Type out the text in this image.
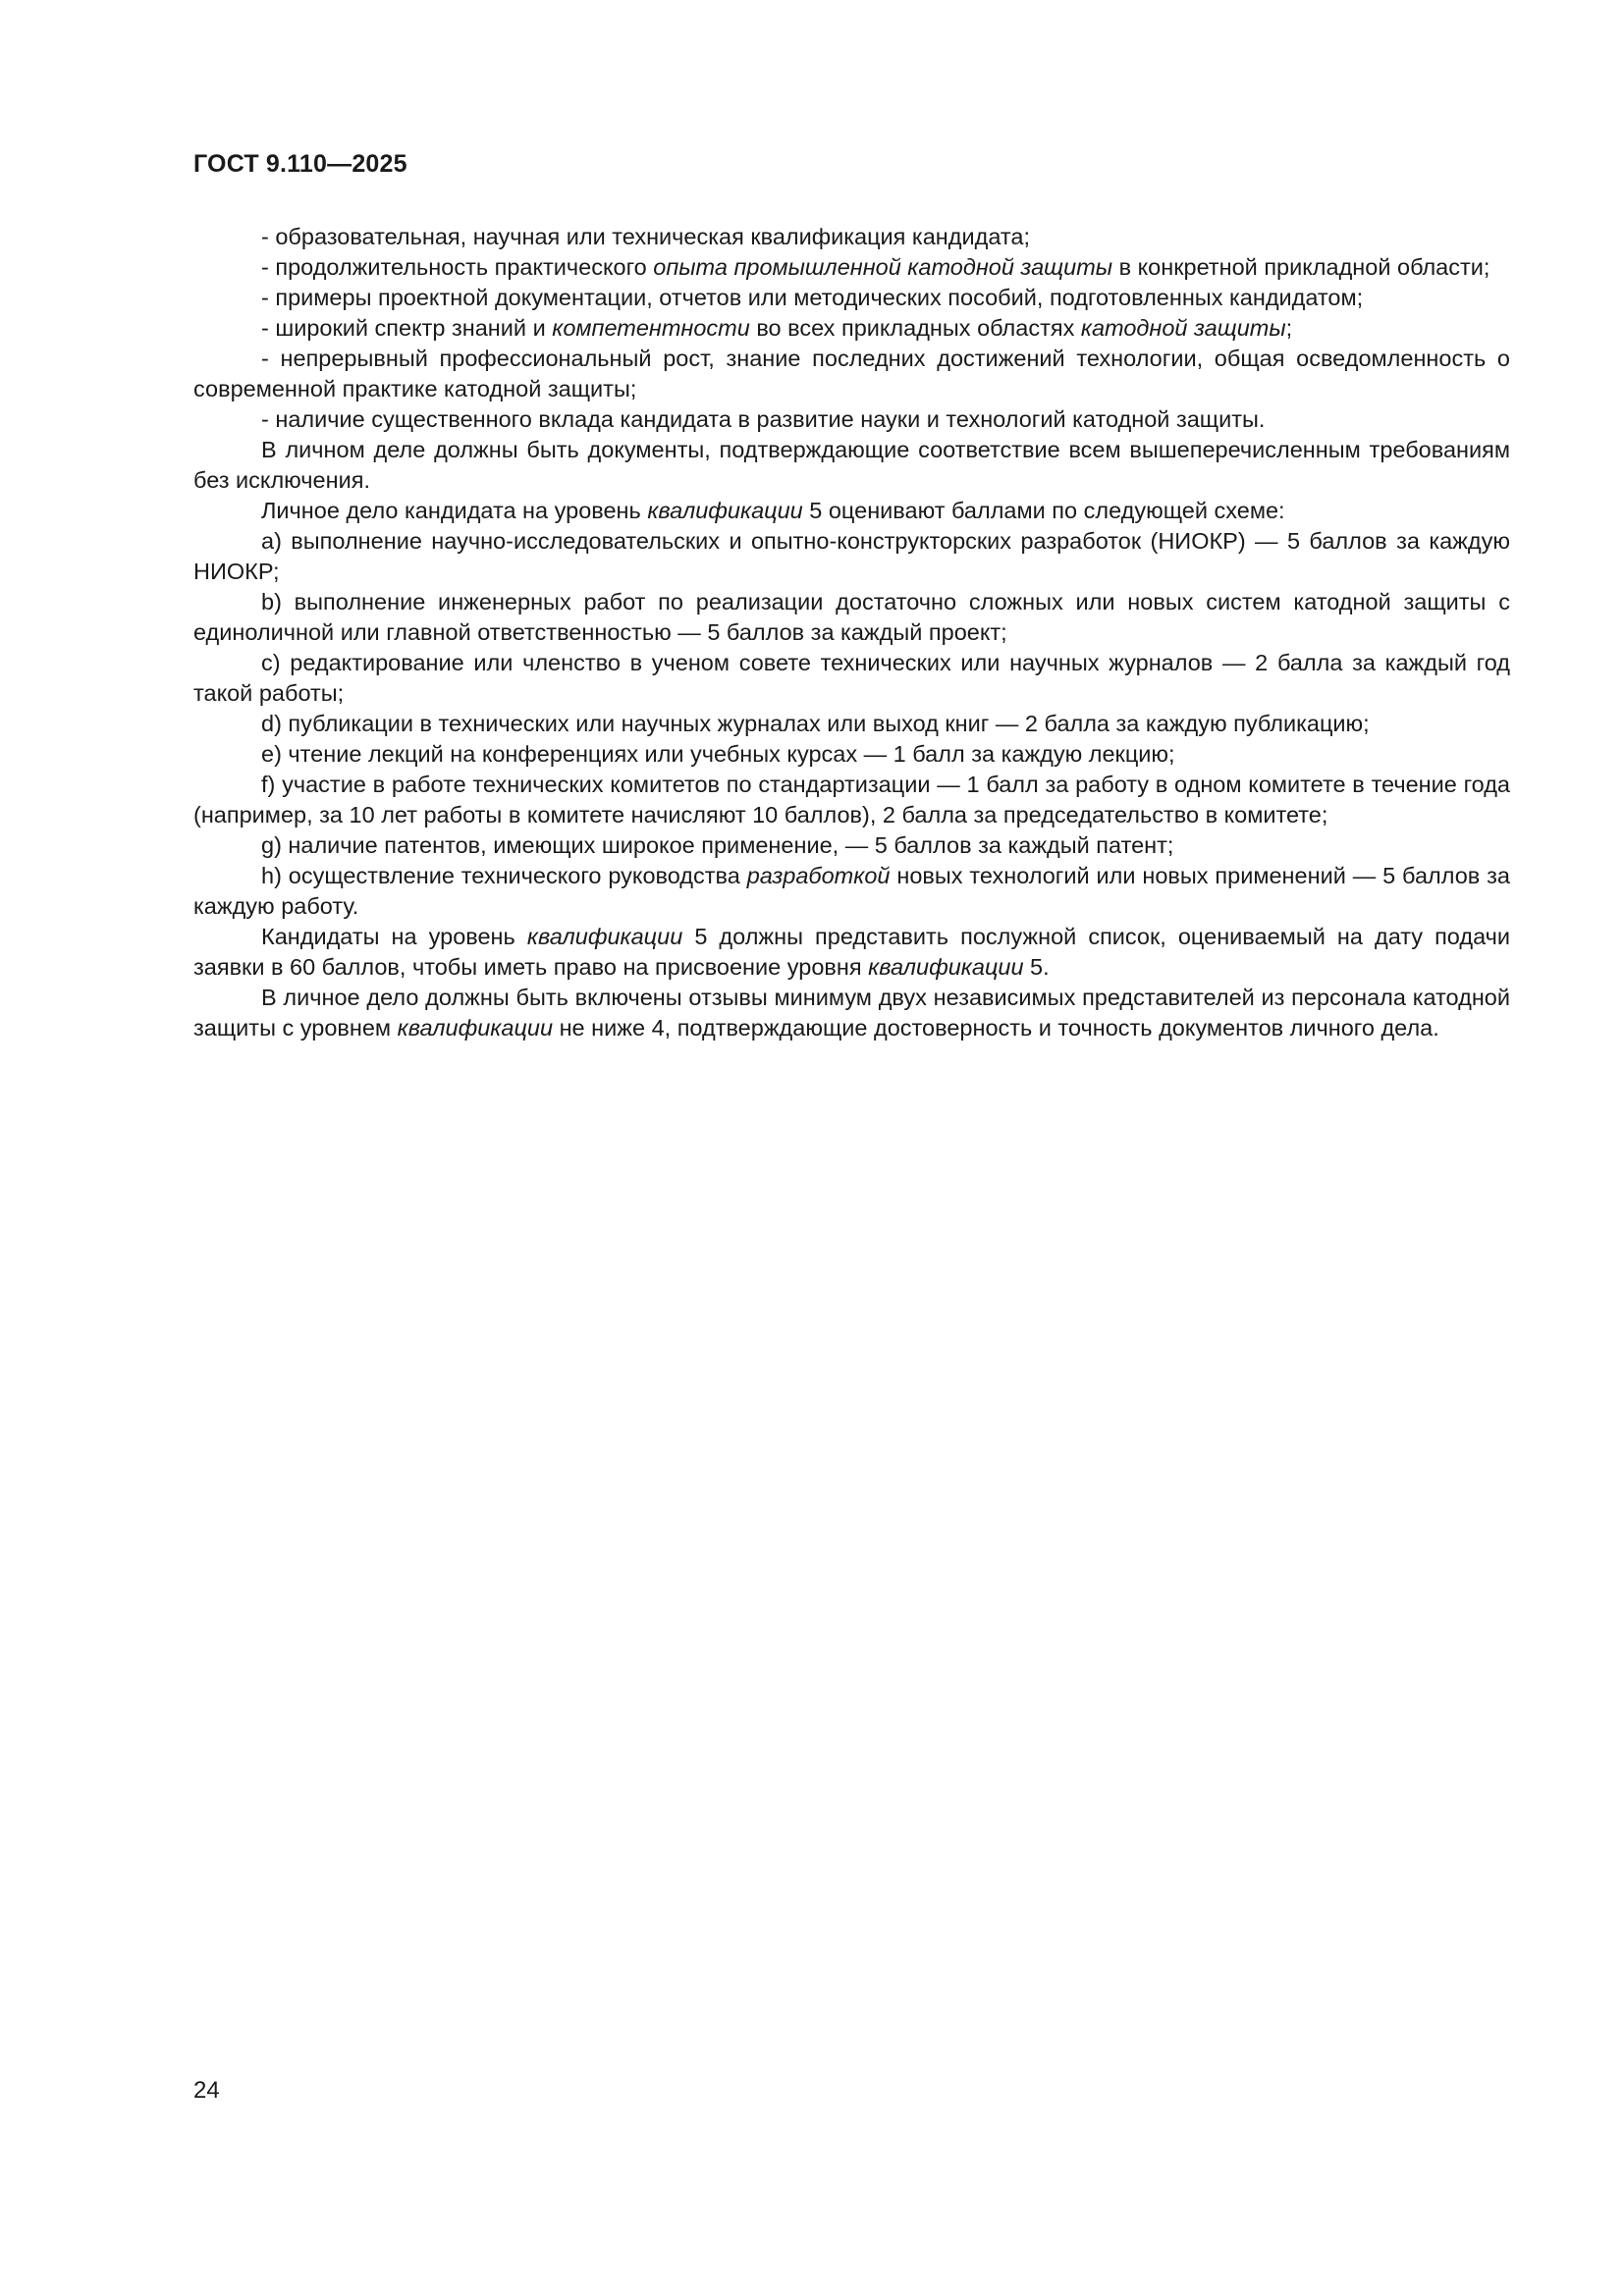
ГОСТ 9.110—2025

- образовательная, научная или техническая квалификация кандидата;

- продолжительность практического опыта промышленной катодной защиты в конкретной прикладной области;

- примеры проектной документации, отчетов или методических пособий, подготовленных кандидатом;

- широкий спектр знаний и компетентности во всех прикладных областях катодной защиты;

- непрерывный профессиональный рост, знание последних достижений технологии, общая осведомленность о современной практике катодной защиты;

- наличие существенного вклада кандидата в развитие науки и технологий катодной защиты.

В личном деле должны быть документы, подтверждающие соответствие всем вышеперечисленным требованиям без исключения.

Личное дело кандидата на уровень квалификации 5 оценивают баллами по следующей схеме:

a) выполнение научно-исследовательских и опытно-конструкторских разработок (НИОКР) — 5 баллов за каждую НИОКР;

b) выполнение инженерных работ по реализации достаточно сложных или новых систем катодной защиты с единоличной или главной ответственностью — 5 баллов за каждый проект;

c) редактирование или членство в ученом совете технических или научных журналов — 2 балла за каждый год такой работы;

d) публикации в технических или научных журналах или выход книг — 2 балла за каждую публикацию;

e) чтение лекций на конференциях или учебных курсах — 1 балл за каждую лекцию;

f) участие в работе технических комитетов по стандартизации — 1 балл за работу в одном комитете в течение года (например, за 10 лет работы в комитете начисляют 10 баллов), 2 балла за председательство в комитете;

g) наличие патентов, имеющих широкое применение, — 5 баллов за каждый патент;

h) осуществление технического руководства разработкой новых технологий или новых применений — 5 баллов за каждую работу.

Кандидаты на уровень квалификации 5 должны представить послужной список, оцениваемый на дату подачи заявки в 60 баллов, чтобы иметь право на присвоение уровня квалификации 5.

В личное дело должны быть включены отзывы минимум двух независимых представителей из персонала катодной защиты с уровнем квалификации не ниже 4, подтверждающие достоверность и точность документов личного дела.

24
